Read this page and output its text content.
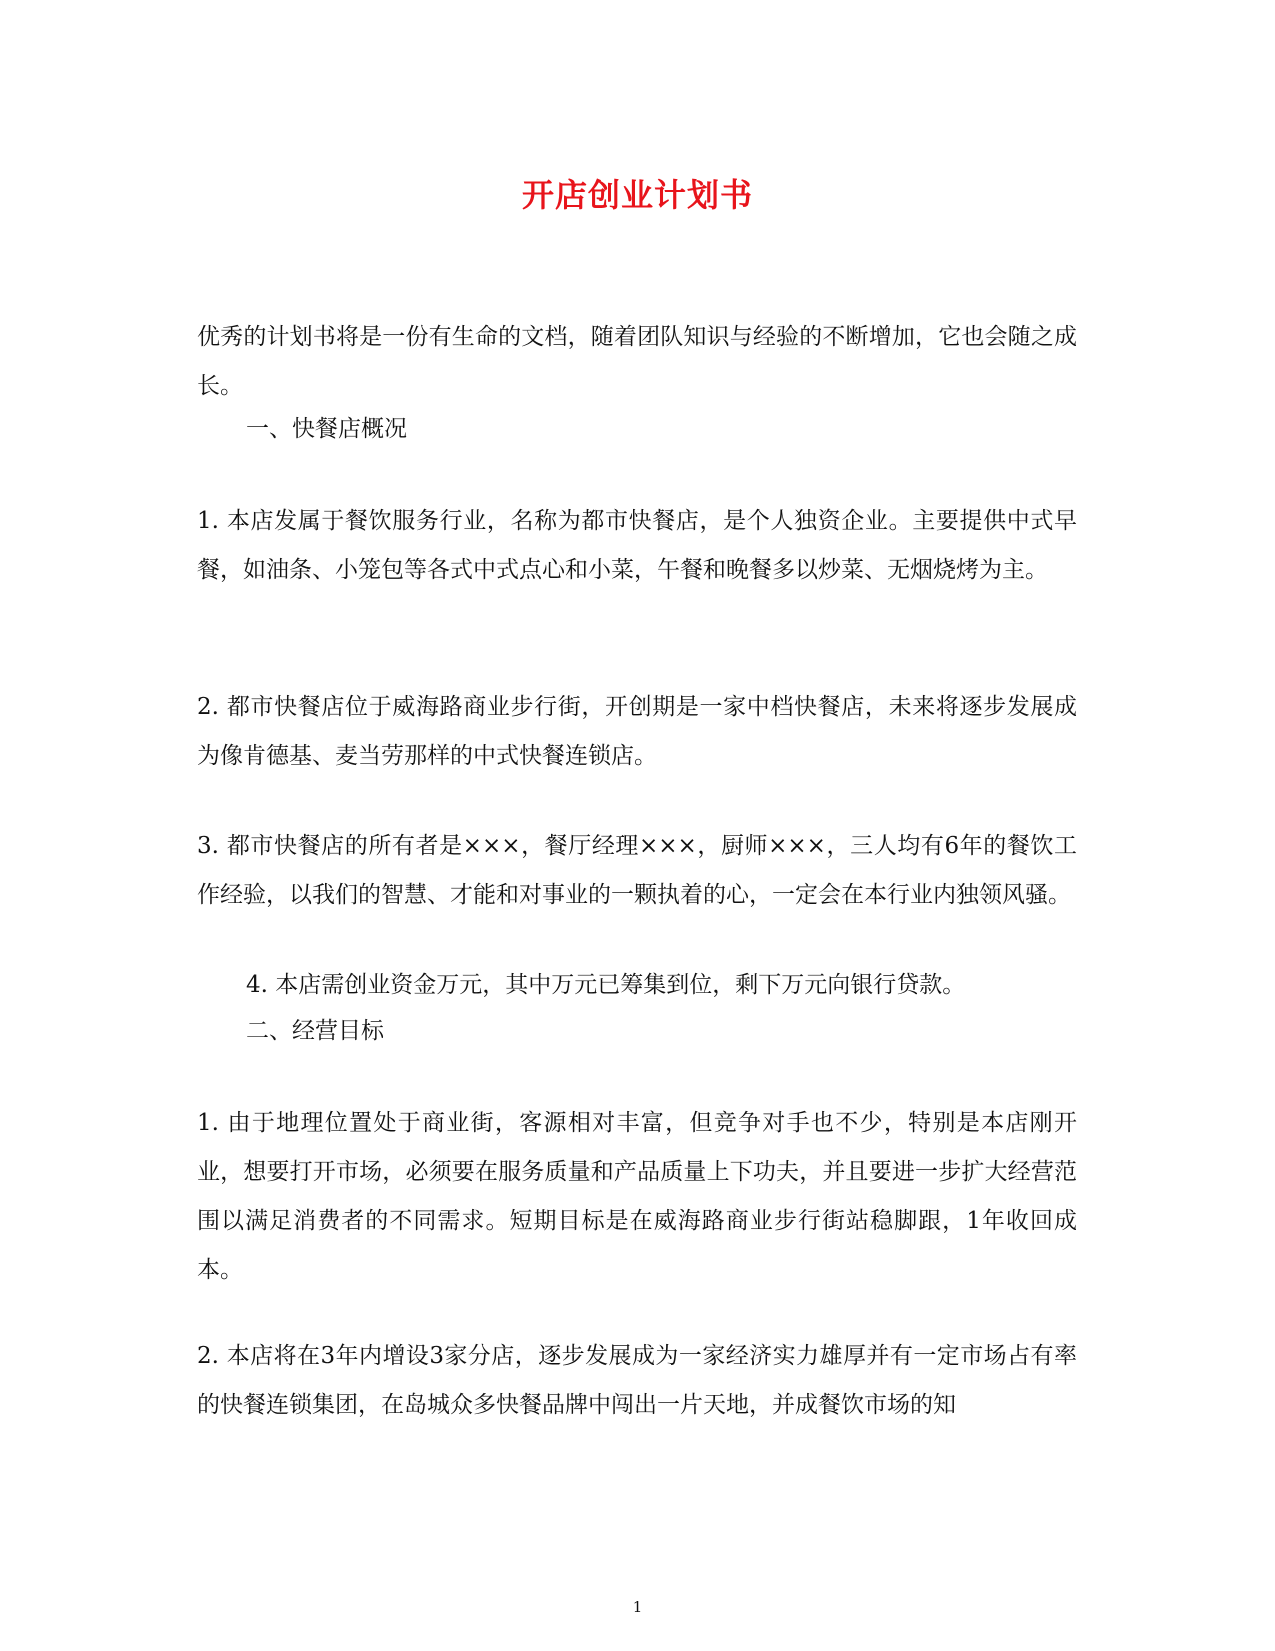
开店创业计划书

优秀的计划书将是一份有生命的文档，随着团队知识与经验的不断增加，它也会随之成长。

一、快餐店概况

1. 本店发属于餐饮服务行业，名称为都市快餐店，是个人独资企业。主要提供中式早餐，如油条、小笼包等各式中式点心和小菜，午餐和晚餐多以炒菜、无烟烧烤为主。

2. 都市快餐店位于威海路商业步行街，开创期是一家中档快餐店，未来将逐步发展成为像肯德基、麦当劳那样的中式快餐连锁店。

3. 都市快餐店的所有者是×××，餐厅经理×××，厨师×××，三人均有6年的餐饮工作经验，以我们的智慧、才能和对事业的一颗执着的心，一定会在本行业内独领风骚。

4. 本店需创业资金万元，其中万元已筹集到位，剩下万元向银行贷款。

二、经营目标

1. 由于地理位置处于商业街，客源相对丰富，但竞争对手也不少，特别是本店刚开业，想要打开市场，必须要在服务质量和产品质量上下功夫，并且要进一步扩大经营范围以满足消费者的不同需求。短期目标是在威海路商业步行街站稳脚跟，1年收回成本。

2. 本店将在3年内增设3家分店，逐步发展成为一家经济实力雄厚并有一定市场占有率的快餐连锁集团，在岛城众多快餐品牌中闯出一片天地，并成餐饮市场的知

1
